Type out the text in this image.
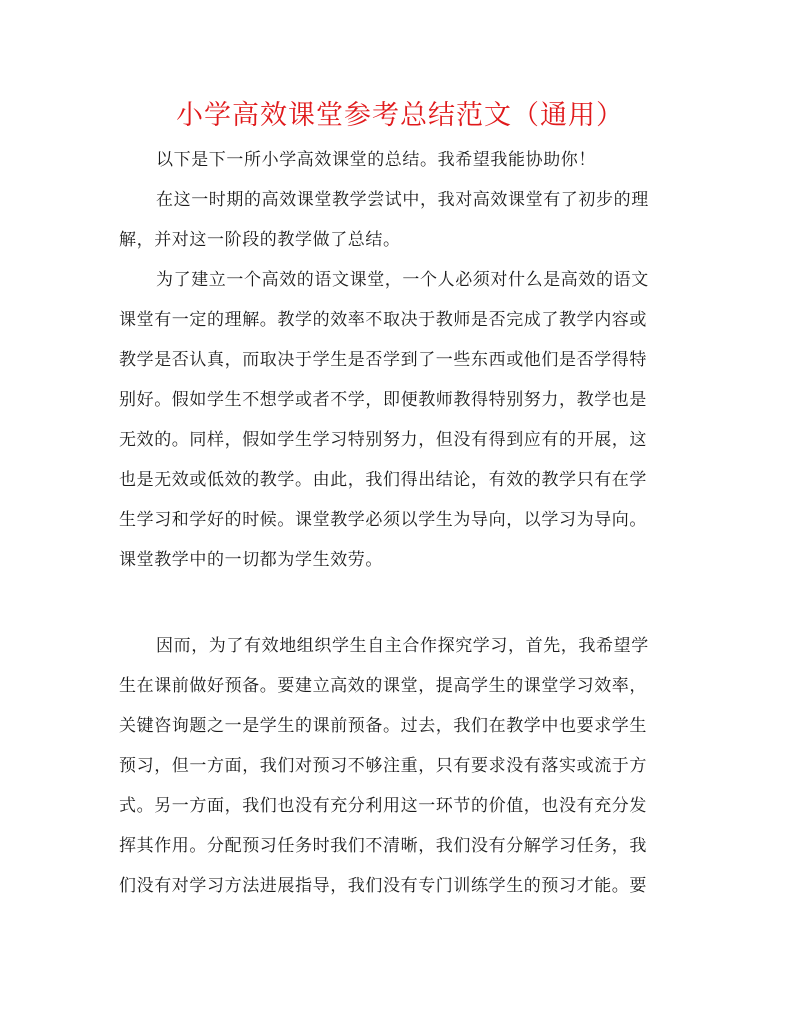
小学高效课堂参考总结范文（通用）
以下是下一所小学高效课堂的总结。我希望我能协助你！
在这一时期的高效课堂教学尝试中，我对高效课堂有了初步的理
解，并对这一阶段的教学做了总结。
为了建立一个高效的语文课堂，一个人必须对什么是高效的语文
课堂有一定的理解。教学的效率不取决于教师是否完成了教学内容或
教学是否认真，而取决于学生是否学到了一些东西或他们是否学得特
别好。假如学生不想学或者不学，即便教师教得特别努力，教学也是
无效的。同样，假如学生学习特别努力，但没有得到应有的开展，这
也是无效或低效的教学。由此，我们得出结论，有效的教学只有在学
生学习和学好的时候。课堂教学必须以学生为导向，以学习为导向。
课堂教学中的一切都为学生效劳。
因而，为了有效地组织学生自主合作探究学习，首先，我希望学
生在课前做好预备。要建立高效的课堂，提高学生的课堂学习效率，
关键咨询题之一是学生的课前预备。过去，我们在教学中也要求学生
预习，但一方面，我们对预习不够注重，只有要求没有落实或流于方
式。另一方面，我们也没有充分利用这一环节的价值，也没有充分发
挥其作用。分配预习任务时我们不清晰，我们没有分解学习任务，我
们没有对学习方法进展指导，我们没有专门训练学生的预习才能。要
